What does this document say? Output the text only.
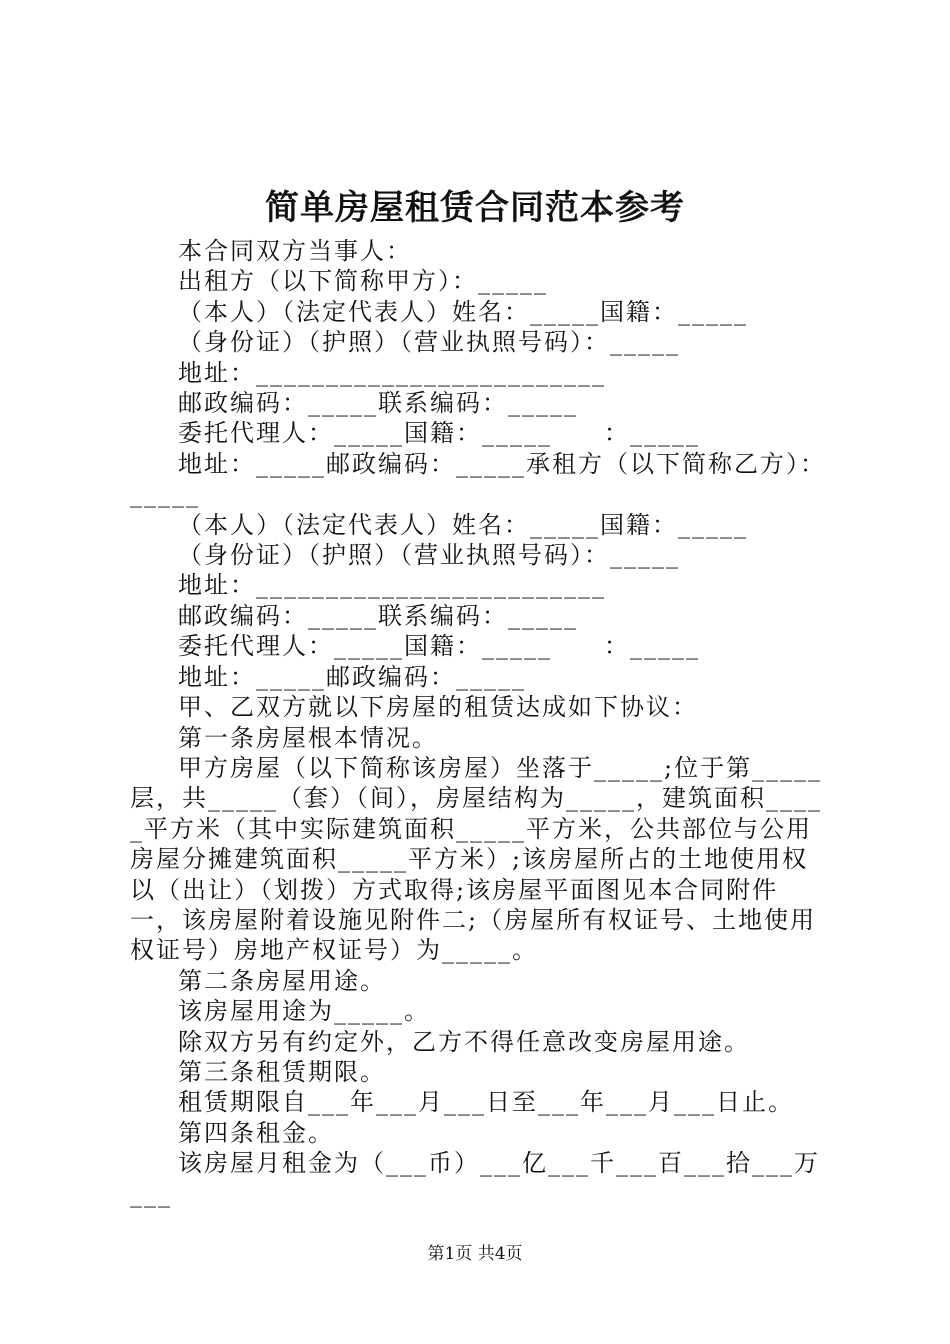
简单房屋租赁合同范本参考

本合同双方当事人：

出租方（以下简称甲方）：_____

（本人）（法定代表人）姓名：_____国籍：_____

（身份证）（护照）（营业执照号码）：_____

地址：_________________________

邮政编码：_____联系编码：_____

委托代理人：_____国籍：_____　　：_____

地址：_____邮政编码：_____承租方（以下简称乙方）：_____

（本人）（法定代表人）姓名：_____国籍：_____

（身份证）（护照）（营业执照号码）：_____

地址：_________________________

邮政编码：_____联系编码：_____

委托代理人：_____国籍：_____　　：_____

地址：_____邮政编码：_____

甲、乙双方就以下房屋的租赁达成如下协议：

第一条房屋根本情况。

甲方房屋（以下简称该房屋）坐落于_____;位于第_____层，共_____（套）（间），房屋结构为_____，建筑面积_____平方米（其中实际建筑面积_____平方米，公共部位与公用房屋分摊建筑面积_____平方米）;该房屋所占的土地使用权以（出让）（划拨）方式取得;该房屋平面图见本合同附件一，该房屋附着设施见附件二;（房屋所有权证号、土地使用权证号）房地产权证号）为_____。

第二条房屋用途。

该房屋用途为_____。

除双方另有约定外，乙方不得任意改变房屋用途。

第三条租赁期限。

租赁期限自___年___月___日至___年___月___日止。

第四条租金。

该房屋月租金为（___币）___亿___千___百___拾___万___

第1页 共4页
